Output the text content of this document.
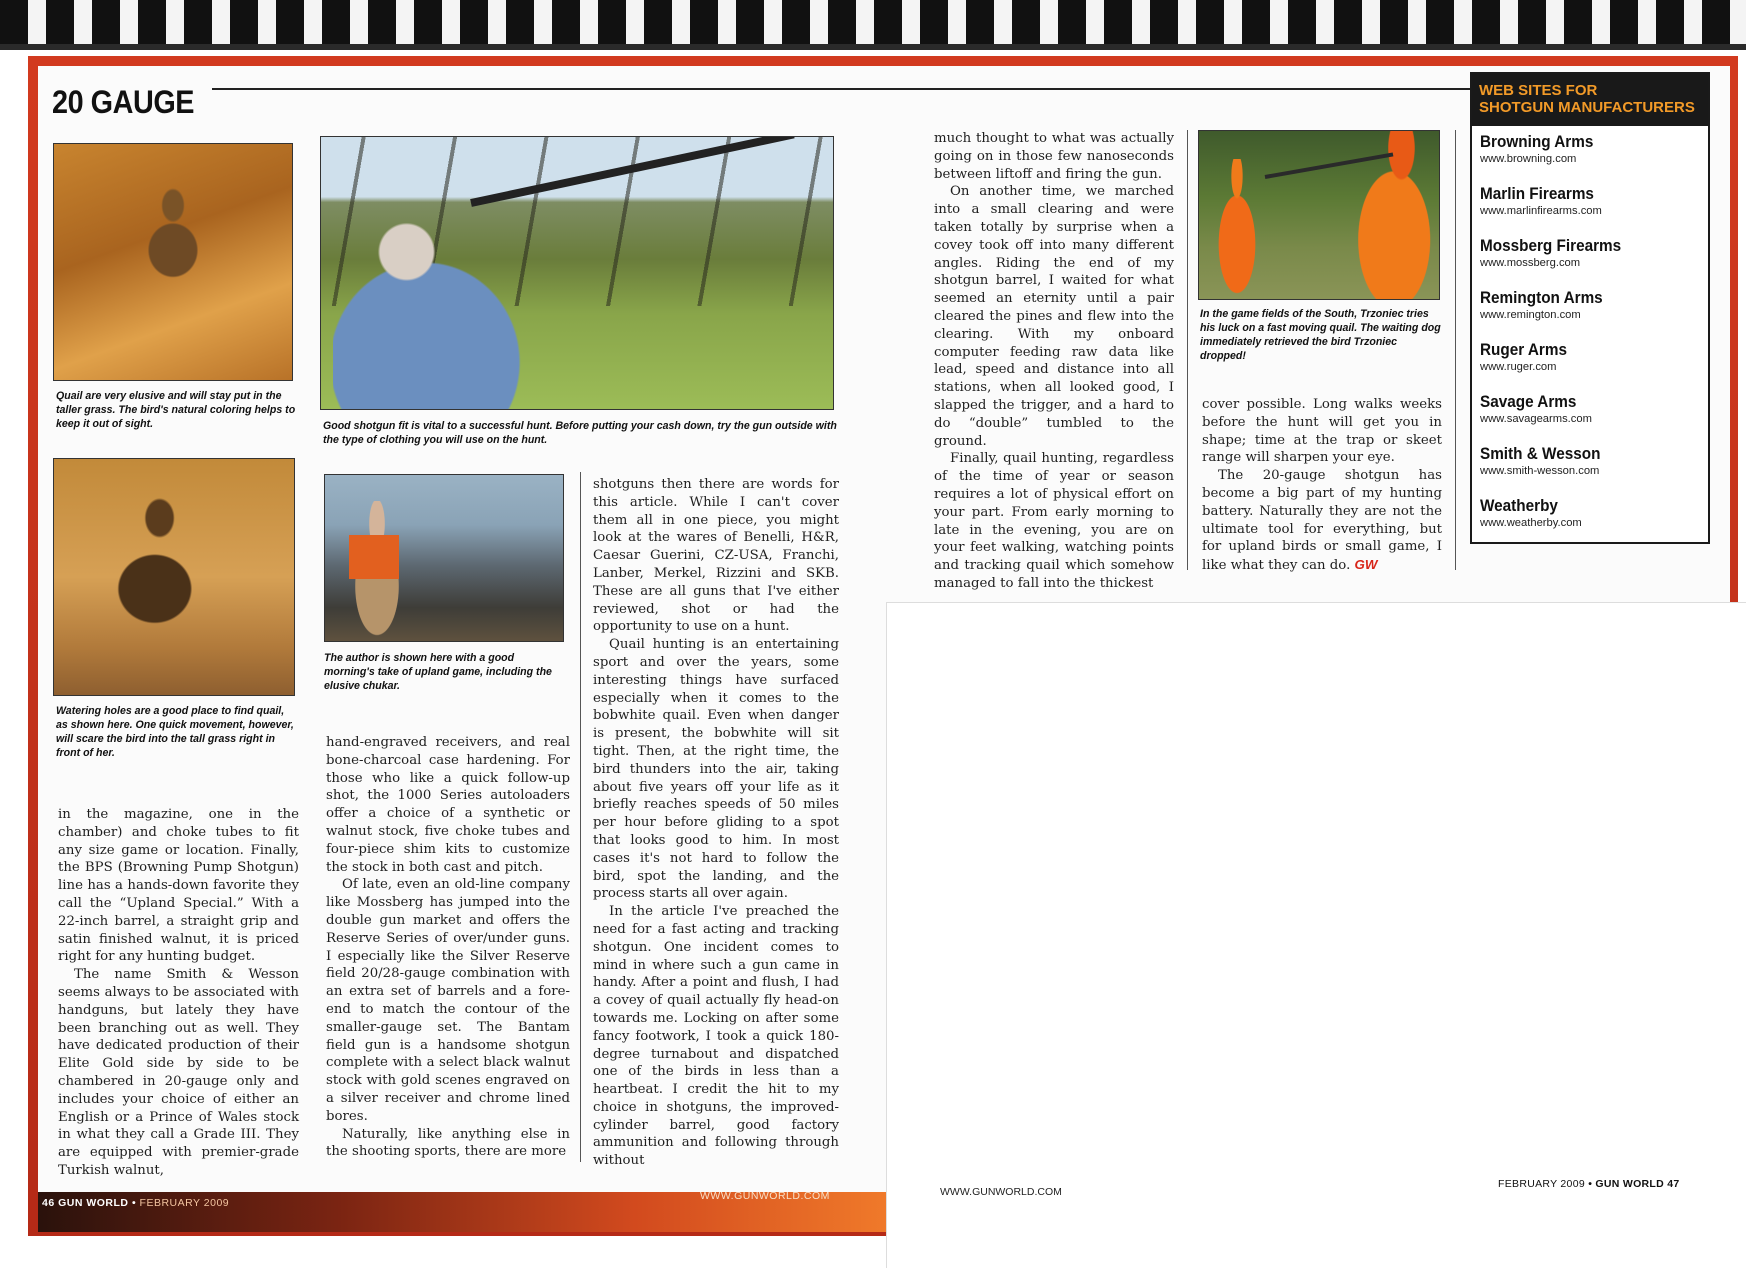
20 GAUGE
Quail are very elusive and will stay put in the taller grass. The bird's natural coloring helps to keep it out of sight.	Good shotgun fit is vital to a successful hunt. Before putting your cash down, try the gun outside with the type of clothing you will use on the hunt.
Watering holes are a good place to find quail, as shown here. One quick movement, however, will scare the bird into the tall grass right in front of her.
The author is shown here with a good morning's take of upland game, including the elusive chukar.
In the game fields of the South, Trzoniec tries his luck on a fast moving quail. The waiting dog immediately retrieved the bird Trzoniec dropped!

in the magazine, one in the chamber) and choke tubes to fit any size game or location. Finally, the BPS (Browning Pump Shotgun) line has a hands-down favorite they call the “Upland Special.” With a 22-inch barrel, a straight grip and satin finished walnut, it is priced right for any hunting budget.

The name Smith & Wesson seems always to be associated with handguns, but lately they have been branching out as well. They have dedicated production of their Elite Gold side by side to be chambered in 20-gauge only and includes your choice of either an English or a Prince of Wales stock in what they call a Grade III. They are equipped with premier-grade Turkish walnut,

hand-engraved receivers, and real bone-charcoal case hardening. For those who like a quick follow-up shot, the 1000 Series autoloaders offer a choice of a synthetic or walnut stock, five choke tubes and four-piece shim kits to customize the stock in both cast and pitch.

Of late, even an old-line company like Mossberg has jumped into the double gun market and offers the Reserve Series of over/under guns. I especially like the Silver Reserve field 20/28-gauge combination with an extra set of barrels and a fore-end to match the contour of the smaller-gauge set. The Bantam field gun is a handsome shotgun complete with a select black walnut stock with gold scenes engraved on a silver receiver and chrome lined bores.

Naturally, like anything else in the shooting sports, there are more

shotguns then there are words for this article. While I can't cover them all in one piece, you might look at the wares of Benelli, H&R, Caesar Guerini, CZ-USA, Franchi, Lanber, Merkel, Rizzini and SKB. These are all guns that I've either reviewed, shot or had the opportunity to use on a hunt.

Quail hunting is an entertaining sport and over the years, some interesting things have surfaced especially when it comes to the bobwhite quail. Even when danger is present, the bobwhite will sit tight. Then, at the right time, the bird thunders into the air, taking about five years off your life as it briefly reaches speeds of 50 miles per hour before gliding to a spot that looks good to him. In most cases it's not hard to follow the bird, spot the landing, and the process starts all over again.

In the article I've preached the need for a fast acting and tracking shotgun. One incident comes to mind in where such a gun came in handy. After a point and flush, I had a covey of quail actually fly head-on towards me. Locking on after some fancy footwork, I took a quick 180-degree turnabout and dispatched one of the birds in less than a heartbeat. I credit the hit to my choice in shotguns, the improved-cylinder barrel, good factory ammunition and following through without

much thought to what was actually going on in those few nanoseconds between liftoff and firing the gun.

On another time, we marched into a small clearing and were taken totally by surprise when a covey took off into many different angles. Riding the end of my shotgun barrel, I waited for what seemed an eternity until a pair cleared the pines and flew into the clearing. With my onboard computer feeding raw data like lead, speed and distance into all stations, when all looked good, I slapped the trigger, and a hard to do “double” tumbled to the ground.

Finally, quail hunting, regardless of the time of year or season requires a lot of physical effort on your part. From early morning to late in the evening, you are on your feet walking, watching points and tracking quail which somehow managed to fall into the thickest

cover possible. Long walks weeks before the hunt will get you in shape; time at the trap or skeet range will sharpen your eye.

The 20-gauge shotgun has become a big part of my hunting battery. Naturally they are not the ultimate tool for everything, but for upland birds or small game, I like what they can do. GW

WEB SITES FOR
SHOTGUN MANUFACTURERS
Browning Arms
www.browning.com
Marlin Firearms
www.marlinfirearms.com
Mossberg Firearms
www.mossberg.com
Remington Arms
www.remington.com
Ruger Arms
www.ruger.com
Savage Arms
www.savagearms.com
Smith & Wesson
www.smith-wesson.com
Weatherby
www.weatherby.com
46 GUN WORLD • FEBRUARY 2009
WWW.GUNWORLD.COM	WWW.GUNWORLD.COM
FEBRUARY 2009 • GUN WORLD 47
